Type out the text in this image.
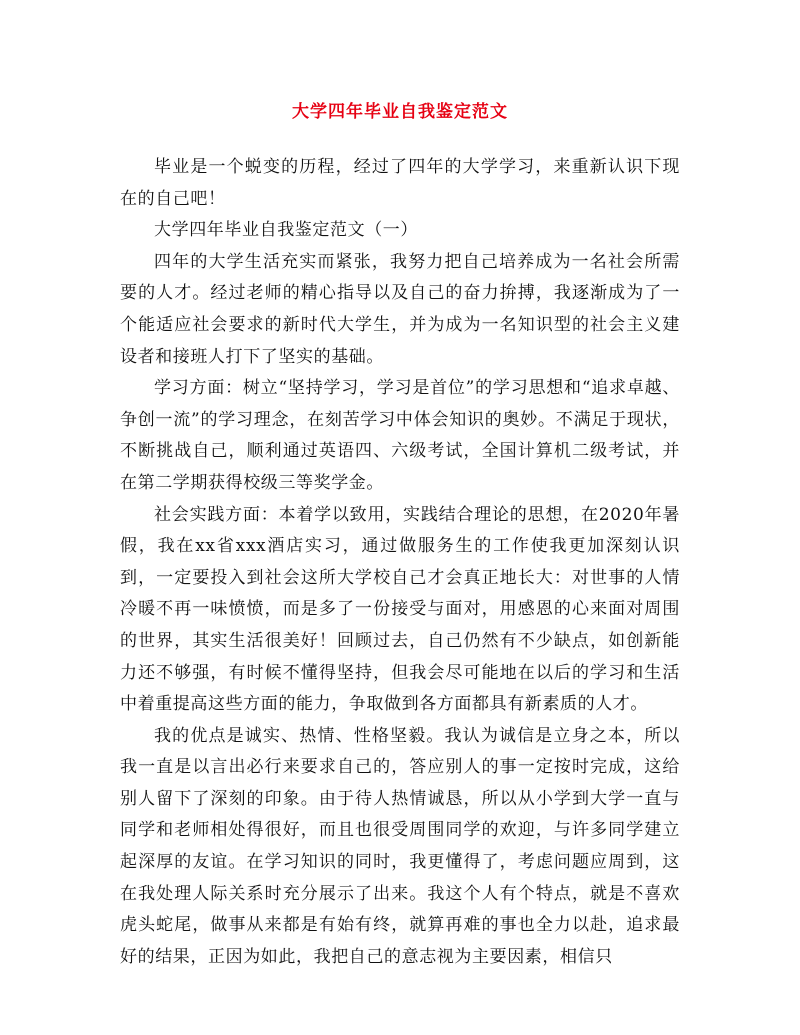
大学四年毕业自我鉴定范文

毕业是一个蜕变的历程，经过了四年的大学学习，来重新认识下现在的自己吧！

大学四年毕业自我鉴定范文（一）

四年的大学生活充实而紧张，我努力把自己培养成为一名社会所需要的人才。经过老师的精心指导以及自己的奋力拚搏，我逐渐成为了一个能适应社会要求的新时代大学生，并为成为一名知识型的社会主义建设者和接班人打下了坚实的基础。

学习方面：树立“坚持学习，学习是首位”的学习思想和“追求卓越、争创一流”的学习理念，在刻苦学习中体会知识的奥妙。不满足于现状，不断挑战自己，顺利通过英语四、六级考试，全国计算机二级考试，并在第二学期获得校级三等奖学金。

社会实践方面：本着学以致用，实践结合理论的思想，在2020年暑假，我在xx省xxx酒店实习，通过做服务生的工作使我更加深刻认识到，一定要投入到社会这所大学校自己才会真正地长大：对世事的人情冷暖不再一味愤愤，而是多了一份接受与面对，用感恩的心来面对周围的世界，其实生活很美好！回顾过去，自己仍然有不少缺点，如创新能力还不够强，有时候不懂得坚持，但我会尽可能地在以后的学习和生活中着重提高这些方面的能力，争取做到各方面都具有新素质的人才。

我的优点是诚实、热情、性格坚毅。我认为诚信是立身之本，所以我一直是以言出必行来要求自己的，答应别人的事一定按时完成，这给别人留下了深刻的印象。由于待人热情诚恳，所以从小学到大学一直与同学和老师相处得很好，而且也很受周围同学的欢迎，与许多同学建立起深厚的友谊。在学习知识的同时，我更懂得了，考虑问题应周到，这在我处理人际关系时充分展示了出来。我这个人有个特点，就是不喜欢虎头蛇尾，做事从来都是有始有终，就算再难的事也全力以赴，追求最好的结果，正因为如此，我把自己的意志视为主要因素，相信只
